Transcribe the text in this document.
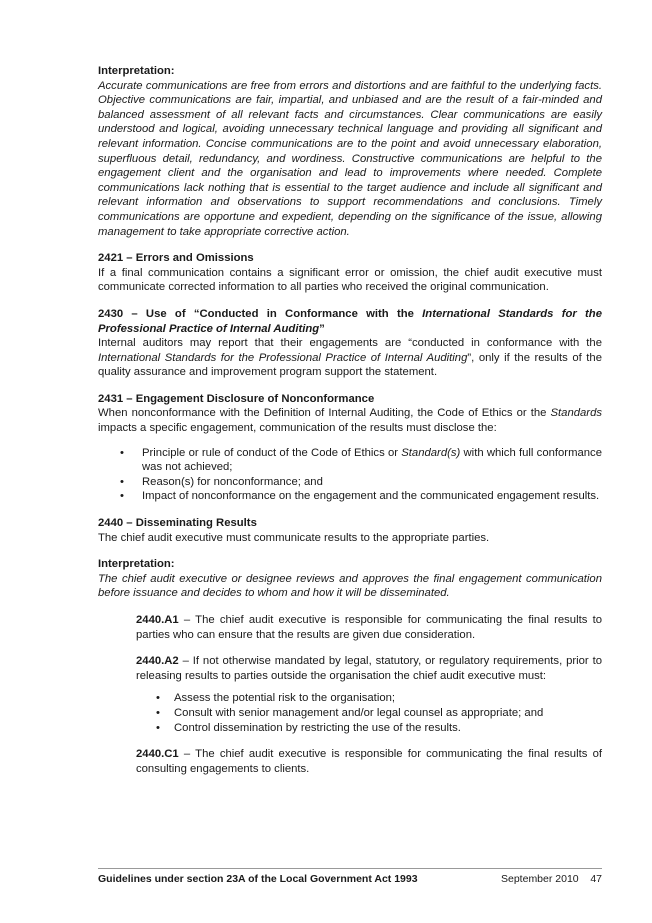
Interpretation:

Accurate communications are free from errors and distortions and are faithful to the underlying facts. Objective communications are fair, impartial, and unbiased and are the result of a fair-minded and balanced assessment of all relevant facts and circumstances. Clear communications are easily understood and logical, avoiding unnecessary technical language and providing all significant and relevant information. Concise communications are to the point and avoid unnecessary elaboration, superfluous detail, redundancy, and wordiness. Constructive communications are helpful to the engagement client and the organisation and lead to improvements where needed. Complete communications lack nothing that is essential to the target audience and include all significant and relevant information and observations to support recommendations and conclusions. Timely communications are opportune and expedient, depending on the significance of the issue, allowing management to take appropriate corrective action.

2421 – Errors and Omissions

If a final communication contains a significant error or omission, the chief audit executive must communicate corrected information to all parties who received the original communication.

2430 – Use of “Conducted in Conformance with the International Standards for the Professional Practice of Internal Auditing”

Internal auditors may report that their engagements are “conducted in conformance with the International Standards for the Professional Practice of Internal Auditing”, only if the results of the quality assurance and improvement program support the statement.

2431 – Engagement Disclosure of Nonconformance

When nonconformance with the Definition of Internal Auditing, the Code of Ethics or the Standards impacts a specific engagement, communication of the results must disclose the:

• Principle or rule of conduct of the Code of Ethics or Standard(s) with which full conformance was not achieved;
• Reason(s) for nonconformance; and
• Impact of nonconformance on the engagement and the communicated engagement results.

2440 – Disseminating Results

The chief audit executive must communicate results to the appropriate parties.

Interpretation:

The chief audit executive or designee reviews and approves the final engagement communication before issuance and decides to whom and how it will be disseminated.

2440.A1 – The chief audit executive is responsible for communicating the final results to parties who can ensure that the results are given due consideration.

2440.A2 – If not otherwise mandated by legal, statutory, or regulatory requirements, prior to releasing results to parties outside the organisation the chief audit executive must:

• Assess the potential risk to the organisation;
• Consult with senior management and/or legal counsel as appropriate; and
• Control dissemination by restricting the use of the results.

2440.C1 – The chief audit executive is responsible for communicating the final results of consulting engagements to clients.

Guidelines under section 23A of the Local Government Act 1993	September 2010 47
